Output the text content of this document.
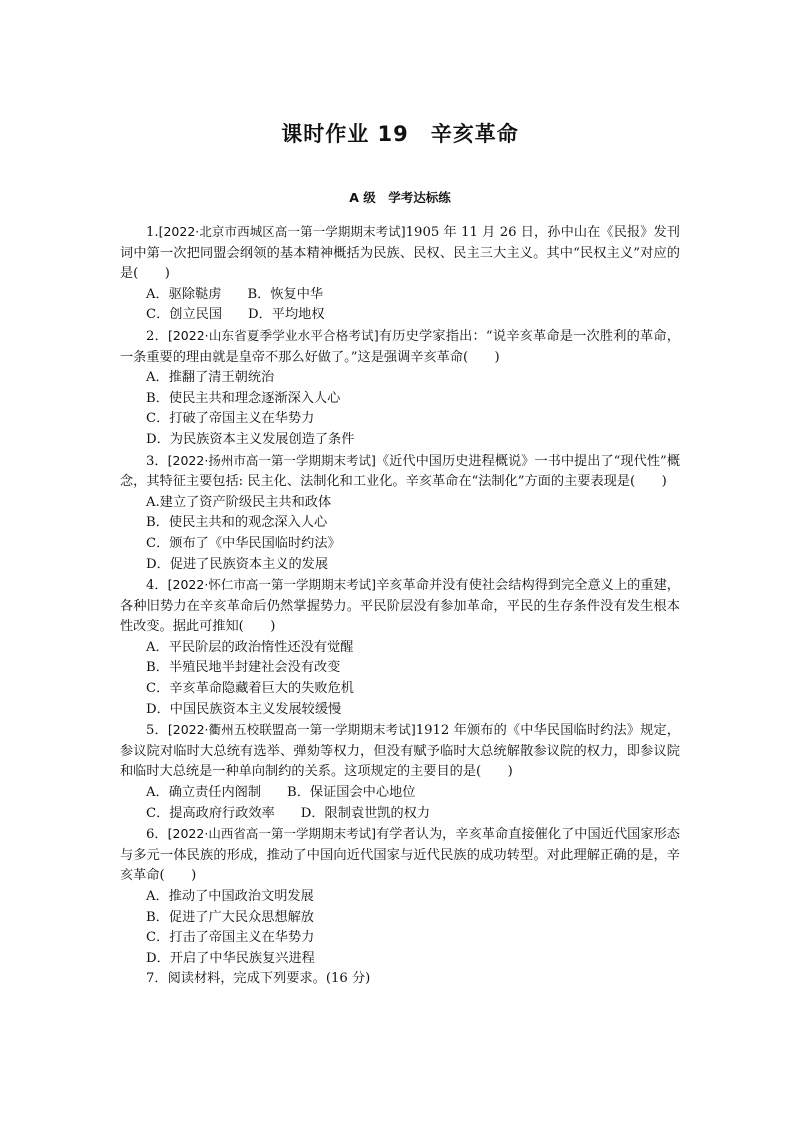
课时作业 19　辛亥革命
A 级　学考达标练

1.[2022·北京市西城区高一第一学期期末考试]1905 年 11 月 26 日，孙中山在《民报》发刊词中第一次把同盟会纲领的基本精神概括为民族、民权、民主三大主义。其中“民权主义”对应的是(　　)

A．驱除鞑虏 B．恢复中华
C．创立民国 D．平均地权

2．[2022·山东省夏季学业水平合格考试]有历史学家指出：“说辛亥革命是一次胜利的革命，一条重要的理由就是皇帝不那么好做了。”这是强调辛亥革命(　　)

A．推翻了清王朝统治
B．使民主共和理念逐渐深入人心
C．打破了帝国主义在华势力
D．为民族资本主义发展创造了条件

3．[2022·扬州市高一第一学期期末考试]《近代中国历史进程概说》一书中提出了“现代性”概念，其特征主要包括: 民主化、法制化和工业化。辛亥革命在“法制化”方面的主要表现是(　　)

A.建立了资产阶级民主共和政体
B．使民主共和的观念深入人心
C．颁布了《中华民国临时约法》
D．促进了民族资本主义的发展

4．[2022·怀仁市高一第一学期期末考试]辛亥革命并没有使社会结构得到完全意义上的重建，各种旧势力在辛亥革命后仍然掌握势力。平民阶层没有参加革命，平民的生存条件没有发生根本性改变。据此可推知(　　)

A．平民阶层的政治惰性还没有觉醒
B．半殖民地半封建社会没有改变
C．辛亥革命隐藏着巨大的失败危机
D．中国民族资本主义发展较缓慢

5．[2022·衢州五校联盟高一第一学期期末考试]1912 年颁布的《中华民国临时约法》规定，参议院对临时大总统有选举、弹劾等权力，但没有赋予临时大总统解散参议院的权力，即参议院和临时大总统是一种单向制约的关系。这项规定的主要目的是(　　)

A．确立责任内阁制 B．保证国会中心地位
C．提高政府行政效率 D．限制袁世凯的权力

6．[2022·山西省高一第一学期期末考试]有学者认为，辛亥革命直接催化了中国近代国家形态与多元一体民族的形成，推动了中国向近代国家与近代民族的成功转型。对此理解正确的是，辛亥革命(　　)

A．推动了中国政治文明发展
B．促进了广大民众思想解放
C．打击了帝国主义在华势力
D．开启了中华民族复兴进程

7．阅读材料，完成下列要求。(16 分)
